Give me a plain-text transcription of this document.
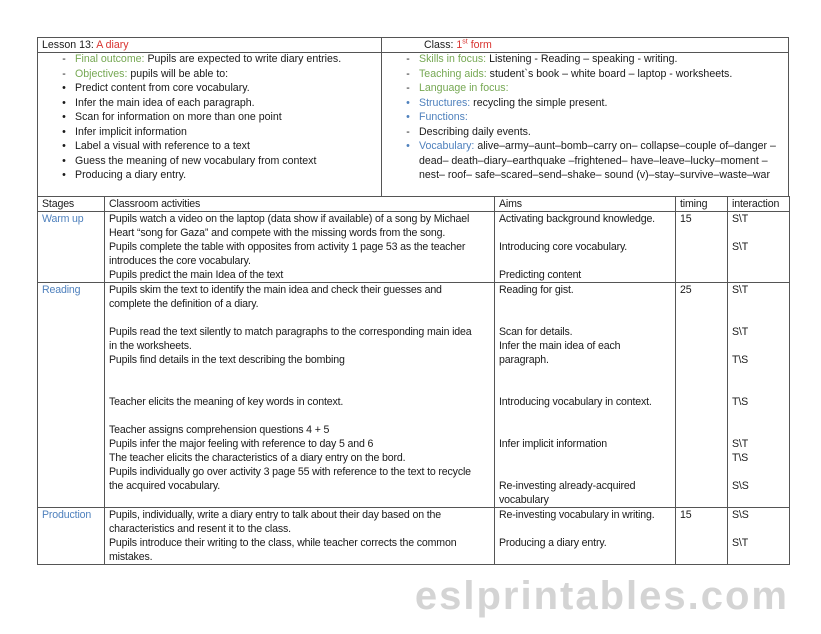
Lesson 13: A diary	Class: 1st form
- Final outcome: Pupils are expected to write diary entries.
- Objectives: pupils will be able to:
• Predict content from core vocabulary.
• Infer the main idea of each paragraph.
• Scan for information on more than one point
• Infer implicit information
• Label a visual with reference to a text
• Guess the meaning of new vocabulary from context
• Producing a diary entry.
- Skills in focus: Listening - Reading – speaking - writing.
- Teaching aids: student`s book – white board – laptop - worksheets.
- Language in focus:
• Structures: recycling the simple present.
• Functions:
- Describing daily events.
• Vocabulary: alive–army–aunt–bomb–carry on– collapse–couple of–danger –
dead– death–diary–earthquake –frightened– have–leave–lucky–moment –
nest– roof– safe–scared–send–shake– sound (v)–stay–survive–waste–war
Stages	Classroom activities	Aims	timing	interaction
Warm up	Pupils watch a video on the laptop (data show if available) of a song by Michael	Activating background knowledge.	15	S\T
	Heart “song for Gaza” and compete with the missing words from the song.			
	Pupils complete the table with opposites from activity 1 page 53 as the teacher	Introducing core vocabulary.		S\T
	introduces the core vocabulary.			
	Pupils predict the main Idea of the text	Predicting content		
Reading	Pupils skim the text to identify the main idea and check their guesses and	Reading for gist.	25	S\T
	complete the definition of a diary.			

	Pupils read the text silently to match paragraphs to the corresponding main idea	Scan for details.		S\T
	in the worksheets.	Infer the main idea of each		
	Pupils find details in the text describing the bombing	paragraph.		T\S

	Teacher elicits the meaning of key words in context.	Introducing vocabulary in context.		T\S

	Teacher assigns comprehension questions 4 + 5			
	Pupils infer the major feeling with reference to day 5 and 6	Infer implicit information		S\T
	The teacher elicits the characteristics of a diary entry on the bord.			T\S
	Pupils individually go over activity 3 page 55 with reference to the text to recycle			
	the acquired vocabulary.	Re-investing already-acquired		S\S
		vocabulary		
Production	Pupils, individually, write a diary entry to talk about their day based on the	Re-investing vocabulary in writing.	15	S\S
	characteristics and resent it to the class.			
	Pupils introduce their writing to the class, while teacher corrects the common	Producing a diary entry.		S\T
	mistakes.			
eslprintables.com
